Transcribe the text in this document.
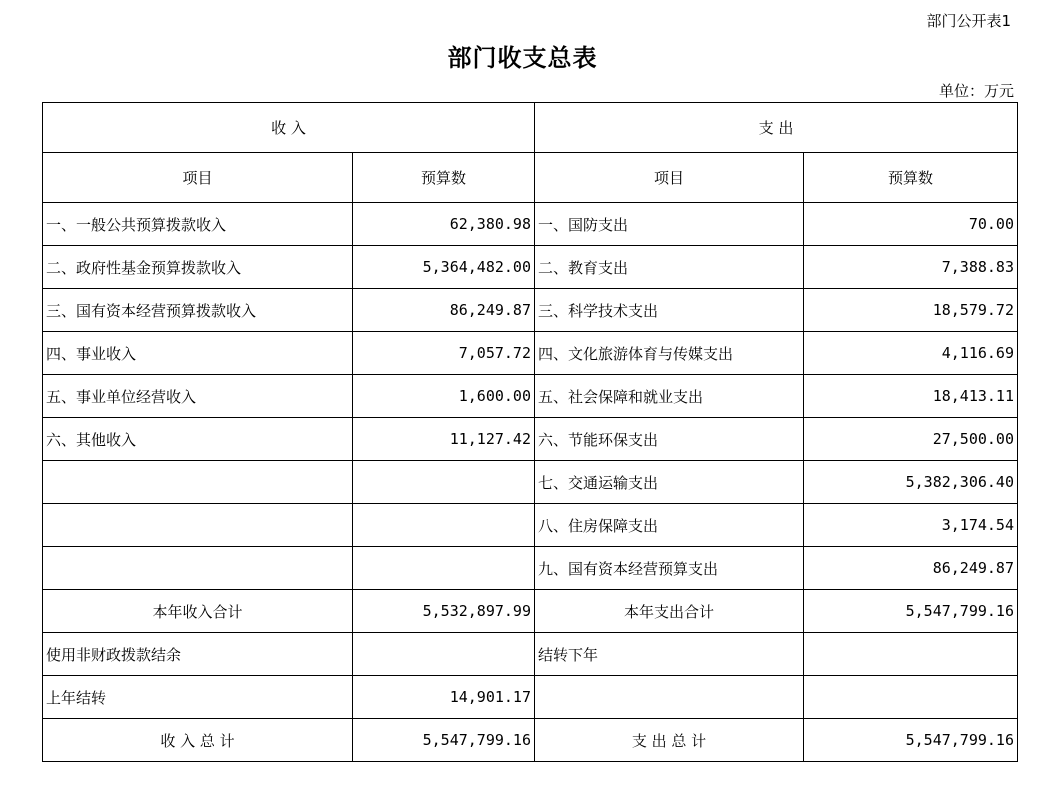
部门公开表1
部门收支总表
单位：万元
收 入		支 出	
项目	预算数	项目	预算数
一、一般公共预算拨款收入	62,380.98	一、国防支出	70.00
二、政府性基金预算拨款收入	5,364,482.00	二、教育支出	7,388.83
三、国有资本经营预算拨款收入	86,249.87	三、科学技术支出	18,579.72
四、事业收入	7,057.72	四、文化旅游体育与传媒支出	4,116.69
五、事业单位经营收入	1,600.00	五、社会保障和就业支出	18,413.11
六、其他收入	11,127.42	六、节能环保支出	27,500.00
		七、交通运输支出	5,382,306.40
		八、住房保障支出	3,174.54
		九、国有资本经营预算支出	86,249.87
本年收入合计	5,532,897.99	本年支出合计	5,547,799.16
使用非财政拨款结余		结转下年	
上年结转	14,901.17		
收 入 总 计	5,547,799.16	支 出 总 计	5,547,799.16
